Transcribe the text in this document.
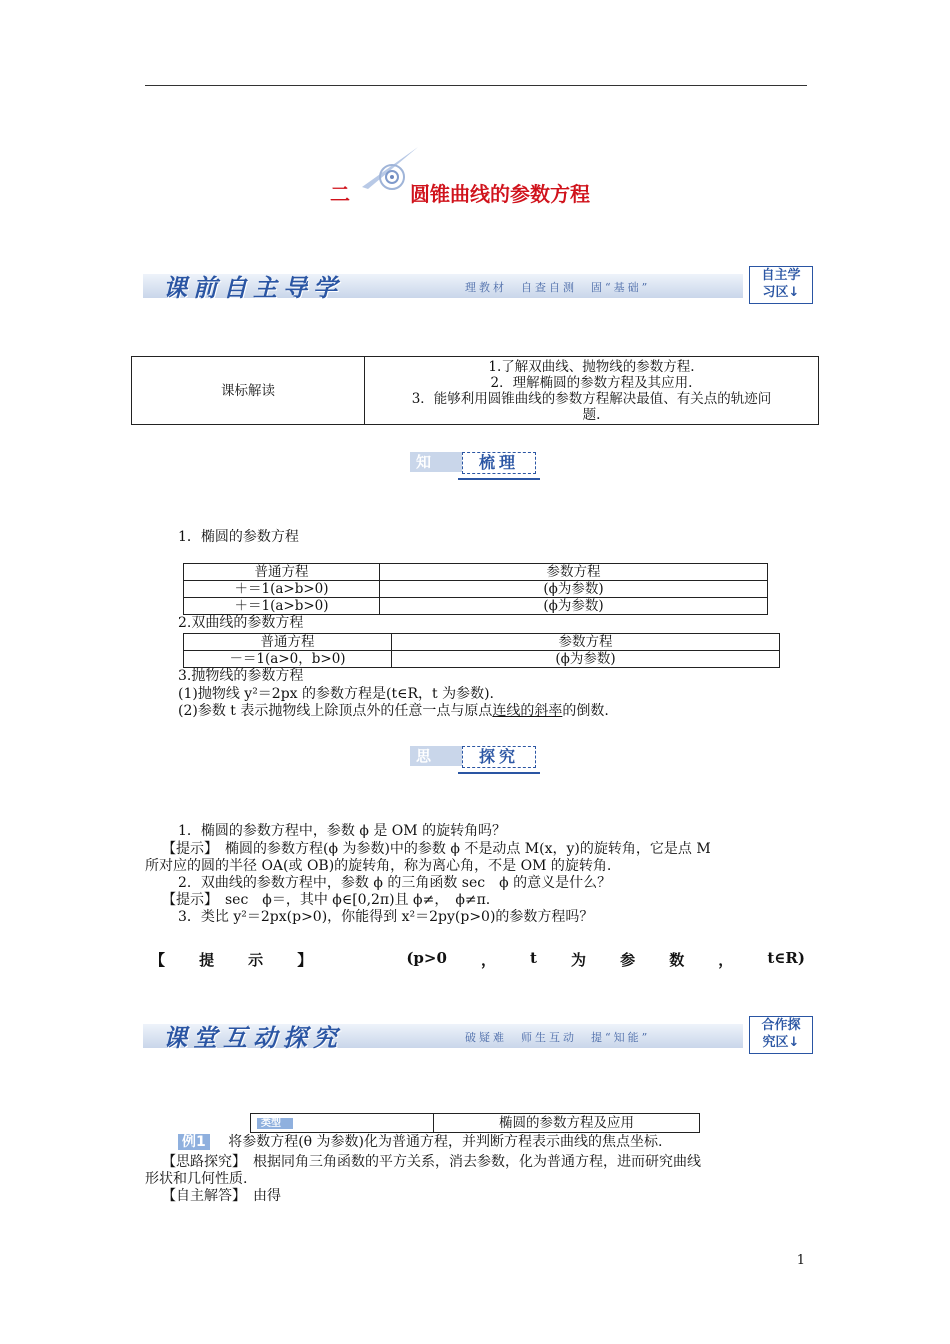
二	圆锥曲线的参数方程
课前自主导学	理教材　自查自测　固“基础”
自主学
习区↓
课标解读	
1.了解双曲线、抛物线的参数方程.
2．理解椭圆的参数方程及其应用.
3．能够利用圆锥曲线的参数方程解决最值、有关点的轨迹问
题.
知识
梳理
1．椭圆的参数方程
普通方程	参数方程
＋＝1(a>b>0)	(ϕ为参数)
＋＝1(a>b>0)	(ϕ为参数)
2.双曲线的参数方程
普通方程	参数方程
－＝1(a>0，b>0)	(ϕ为参数)
3.抛物线的参数方程
(1)抛物线 y²＝2px 的参数方程是(t∈R，t 为参数).
(2)参数 t 表示抛物线上除顶点外的任意一点与原点连线的斜率的倒数.
思考
探究
1．椭圆的参数方程中，参数 ϕ 是 OM 的旋转角吗？
【提示】　椭圆的参数方程(ϕ 为参数)中的参数 ϕ 不是动点 M(x，y)的旋转角，它是点 M
所对应的圆的半径 OA(或 OB)的旋转角，称为离心角，不是 OM 的旋转角.
2．双曲线的参数方程中，参数 ϕ 的三角函数 sec　ϕ 的意义是什么？
【提示】　sec　ϕ＝，其中 ϕ∈[0,2π)且 ϕ≠，　ϕ≠π.
3．类比 y²＝2px(p>0)，你能得到 x²＝2py(p>0)的参数方程吗？
【 提 示 】	(p>0 ， t 为 参 数 ， t∈R)
课堂互动探究	破疑难　师生互动　提“知能”
合作探
究区↓
类型	椭圆的参数方程及应用
例1 将参数方程(θ 为参数)化为普通方程，并判断方程表示曲线的焦点坐标.
【思路探究】　根据同角三角函数的平方关系，消去参数，化为普通方程，进而研究曲线
形状和几何性质.
【自主解答】　由得
1
